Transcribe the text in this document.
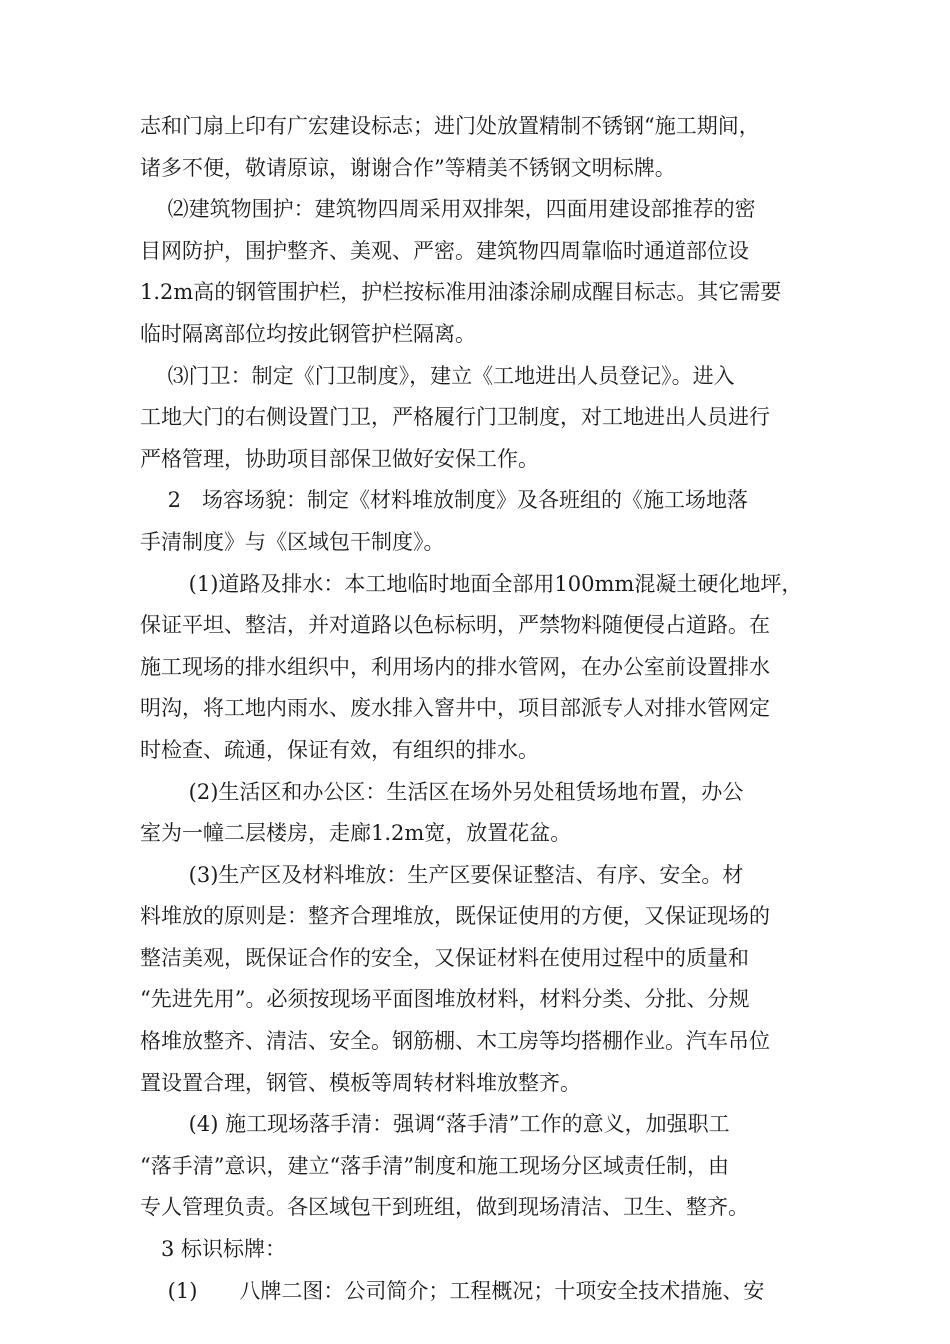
志和门扇上印有广宏建设标志；进门处放置精制不锈钢“施工期间，
诸多不便，敬请原谅，谢谢合作”等精美不锈钢文明标牌。
　 ⑵建筑物围护：建筑物四周采用双排架，四面用建设部推荐的密
目网防护，围护整齐、美观、严密。建筑物四周靠临时通道部位设
1.2m高的钢管围护栏，护栏按标准用油漆涂刷成醒目标志。其它需要
临时隔离部位均按此钢管护栏隔离。
　 ⑶门卫：制定《门卫制度》，建立《工地进出人员登记》。进入
工地大门的右侧设置门卫，严格履行门卫制度，对工地进出人员进行
严格管理，协助项目部保卫做好安保工作。
　 2　场容场貌：制定《材料堆放制度》及各班组的《施工场地落
手清制度》与《区域包干制度》。
　　 (1)道路及排水：本工地临时地面全部用100mm混凝土硬化地坪，
保证平坦、整洁，并对道路以色标标明，严禁物料随便侵占道路。在
施工现场的排水组织中，利用场内的排水管网，在办公室前设置排水
明沟，将工地内雨水、废水排入窨井中，项目部派专人对排水管网定
时检查、疏通，保证有效，有组织的排水。
　　 (2)生活区和办公区：生活区在场外另处租赁场地布置，办公
室为一幢二层楼房，走廊1.2m宽，放置花盆。
　　 (3)生产区及材料堆放：生产区要保证整洁、有序、安全。材
料堆放的原则是：整齐合理堆放，既保证使用的方便，又保证现场的
整洁美观，既保证合作的安全，又保证材料在使用过程中的质量和
“先进先用”。必须按现场平面图堆放材料，材料分类、分批、分规
格堆放整齐、清洁、安全。钢筋棚、木工房等均搭棚作业。汽车吊位
置设置合理，钢管、模板等周转材料堆放整齐。
　　 (4) 施工现场落手清：强调“落手清”工作的意义，加强职工
“落手清”意识，建立“落手清”制度和施工现场分区域责任制，由
专人管理负责。各区域包干到班组，做到现场清洁、卫生、整齐。
　3 标识标牌：
　 (1)　　八牌二图：公司简介；工程概况；十项安全技术措施、安
